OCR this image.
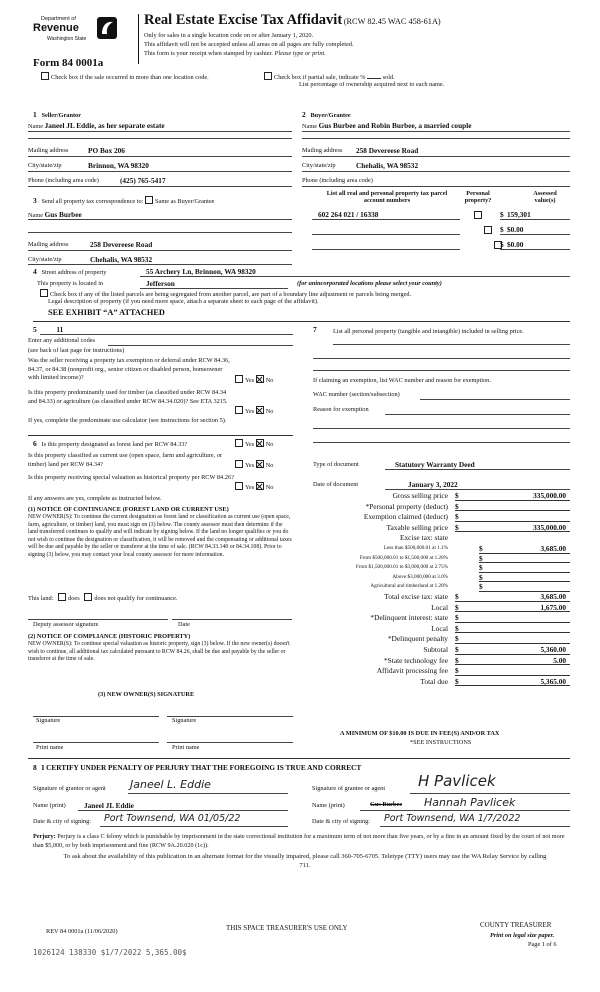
Department of
Revenue
Washington State
Form 84 0001a
Real Estate Excise Tax Affidavit (RCW 82.45 WAC 458-61A)
Only for sales in a single location code on or after January 1, 2020.
This affidavit will not be accepted unless all areas on all pages are fully completed.
This form is your receipt when stamped by cashier. Please type or print.
Check box if the sale occurred in more than one location code.	Check box if partial sale, indicate %	sold.
List percentage of ownership acquired next to each name.
1 Seller/Grantor
Name Janeel JL Eddie, as her separate estate
Mailing address	PO Box 206
City/state/zip	Brinnon, WA 98320
Phone (including area code)	(425) 765-5417
2 Buyer/Grantee
Name Gus Burbee and Robin Burbee, a married couple
Mailing address 258 Devereese Road
City/state/zip	Chehalis, WA 98532
Phone (including area code)
3 Send all property tax correspondence to: Same as Buyer/Grantee
Name Gus Burbee
Mailing address	258 Devereese Road
City/state/zip	Chehalis, WA 98532
List all real and personal property tax parcel account numbers
Personal property?
Assessed value(s)
602 264 021 / 16338	$ 159,301
$ $0.00
$ $0.00
4 Street address of property	55 Archery Ln, Brinnon, WA 98320
This property is located in	Jefferson	(for unincorporated locations please select your county)
Check box if any of the listed parcels are being segregated from another parcel, are part of a boundary line adjustment or parcels being merged.
Legal description of property (if you need more space, attach a separate sheet to each page of the affidavit).
SEE EXHIBIT “A” ATTACHED
5	11
Enter any additional codes
(see back of last page for instructions)
Was the seller receiving a property tax exemption or deferral under RCW 84.36, 84.37, or 84.38 (nonprofit org., senior citizen or disabled person, homeowner with limited income)?	Yes No
Is this property predominantly used for timber (as classified under RCW 84.34 and 84.33) or agriculture (as classified under RCW 84.34.020)? See ETA 3215.
Yes No
If yes, complete the predominate use calculator (see instructions for section 5).
6 Is this property designated as forest land per RCW 84.33?	Yes No
Is this property classified as current use (open space, farm and agriculture, or timber) land per RCW 84.34?	Yes No
Is this property receiving special valuation as historical property per RCW 84.26?
Yes No
If any answers are yes, complete as instructed below.
(1) NOTICE OF CONTINUANCE (FOREST LAND OR CURRENT USE)
NEW OWNER(S): To continue the current designation as forest land or classification as current use (open space, farm, agriculture, or timber) land, you must sign on (3) below. The county assessor must then determine if the land transferred continues to qualify and will indicate by signing below. If the land no longer qualifies or you do not wish to continue the designation or classification, it will be removed and the compensating or additional taxes will be due and payable by the seller or transferor at the time of sale. (RCW 84.33.140 or 84.34.108). Prior to signing (3) below, you may contact your local county assessor for more information.
This land: does does not qualify for continuance.
Deputy assessor signature	Date
(2) NOTICE OF COMPLIANCE (HISTORIC PROPERTY)
NEW OWNER(S): To continue special valuation as historic property, sign (3) below. If the new owner(s) doesn't wish to continue, all additional tax calculated pursuant to RCW 84.26, shall be due and payable by the seller or transferor at the time of sale.
(3) NEW OWNER(S) SIGNATURE
Signature	Signature
Print name	Print name
7	List all personal property (tangible and intangible) included in selling price.
If claiming an exemption, list WAC number and reason for exemption.
WAC number (section/subsection)
Reason for exemption
Type of document	Statutory Warranty Deed
Date of document	January 3, 2022
Gross selling price $	335,000.00
*Personal property (deduct) $
Exemption claimed (deduct) $
Taxable selling price $	335,000.00
Excise tax: state
Less than $500,000.01 at 1.1%	$	3,685.00
From $500,000.01 to $1,500,000 at 1.28%	$
From $1,500,000.01 to $3,000,000 at 2.75%	$
Above $3,000,000 at 3.0%	$
Agricultural and timberland at 1.28%	$
Total excise tax: state $	3,685.00
Local $	1,675.00
*Delinquent interest: state $
Local $
*Delinquent penalty $
Subtotal $	5,360.00
*State technology fee $	5.00
Affidavit processing fee $
Total due $	5,365.00
A MINIMUM OF $10.00 IS DUE IN FEE(S) AND/OR TAX
*SEE INSTRUCTIONS
8 I CERTIFY UNDER PENALTY OF PERJURY THAT THE FOREGOING IS TRUE AND CORRECT
Signature of grantor or agent Janeel L. Eddie
Name (print)	Janeel JL Eddie
Date & city of signing: Port Townsend, WA 01/05/22
Signature of grantee or agent H Pavlicek
Name (print)	Gus Burbee Hannah Pavlicek
Date & city of signing: Port Townsend, WA 1/7/2022
Perjury: Perjury is a class C felony which is punishable by imprisonment in the state correctional institution for a maximum term of not more than five years, or by a fine in an amount fixed by the court of not more than $5,000, or by both imprisonment and fine (RCW 9A.20.020 (1c)).
To ask about the availability of this publication in an alternate format for the visually impaired, please call 360-705-6705. Teletype (TTY) users may use the WA Relay Service by calling 711.
REV 84 0001a (11/06/2020)	THIS SPACE TREASURER'S USE ONLY	COUNTY TREASURER
Print on legal size paper.
Page 1 of 6
1026124 138330 $1/7/2022 5,365.00$
